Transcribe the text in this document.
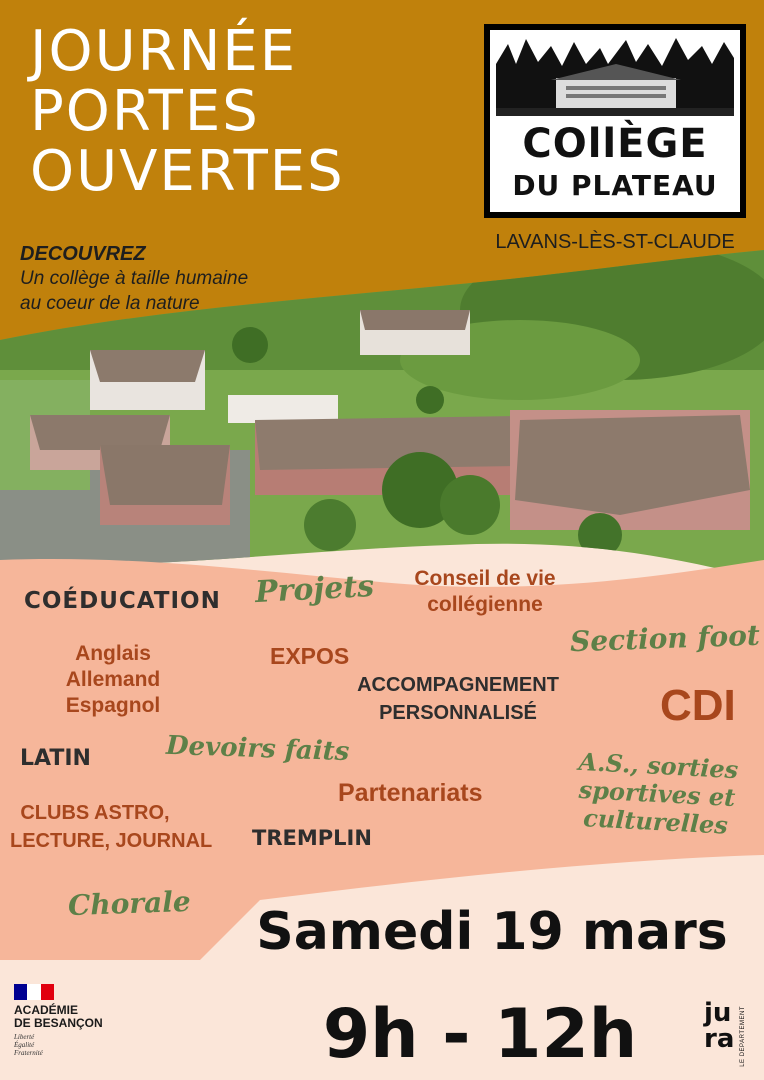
JOURNÉE
PORTES
OUVERTES
DECOUVREZ
Un collège à taille humaine
au coeur de la nature
COllÈGE
DU PLATEAU
LAVANS-LÈS-ST-CLAUDE
COÉDUCATION Projets	Conseil de vie
collégienne
Section foot
Anglais
Allemand
Espagnol
EXPOS
ACCOMPAGNEMENT
PERSONNALISÉ	CDI
LATIN	Devoirs faits	A.S., sorties
sportives et
culturelles
Partenariats
CLUBS ASTRO,
LECTURE, JOURNAL TREMPLIN
Chorale	Samedi 19 mars
9h - 12h
ACADÉMIE
DE BESANÇON
Liberté
Égalité
Fraternité
jura LE DÉPARTEMENT
